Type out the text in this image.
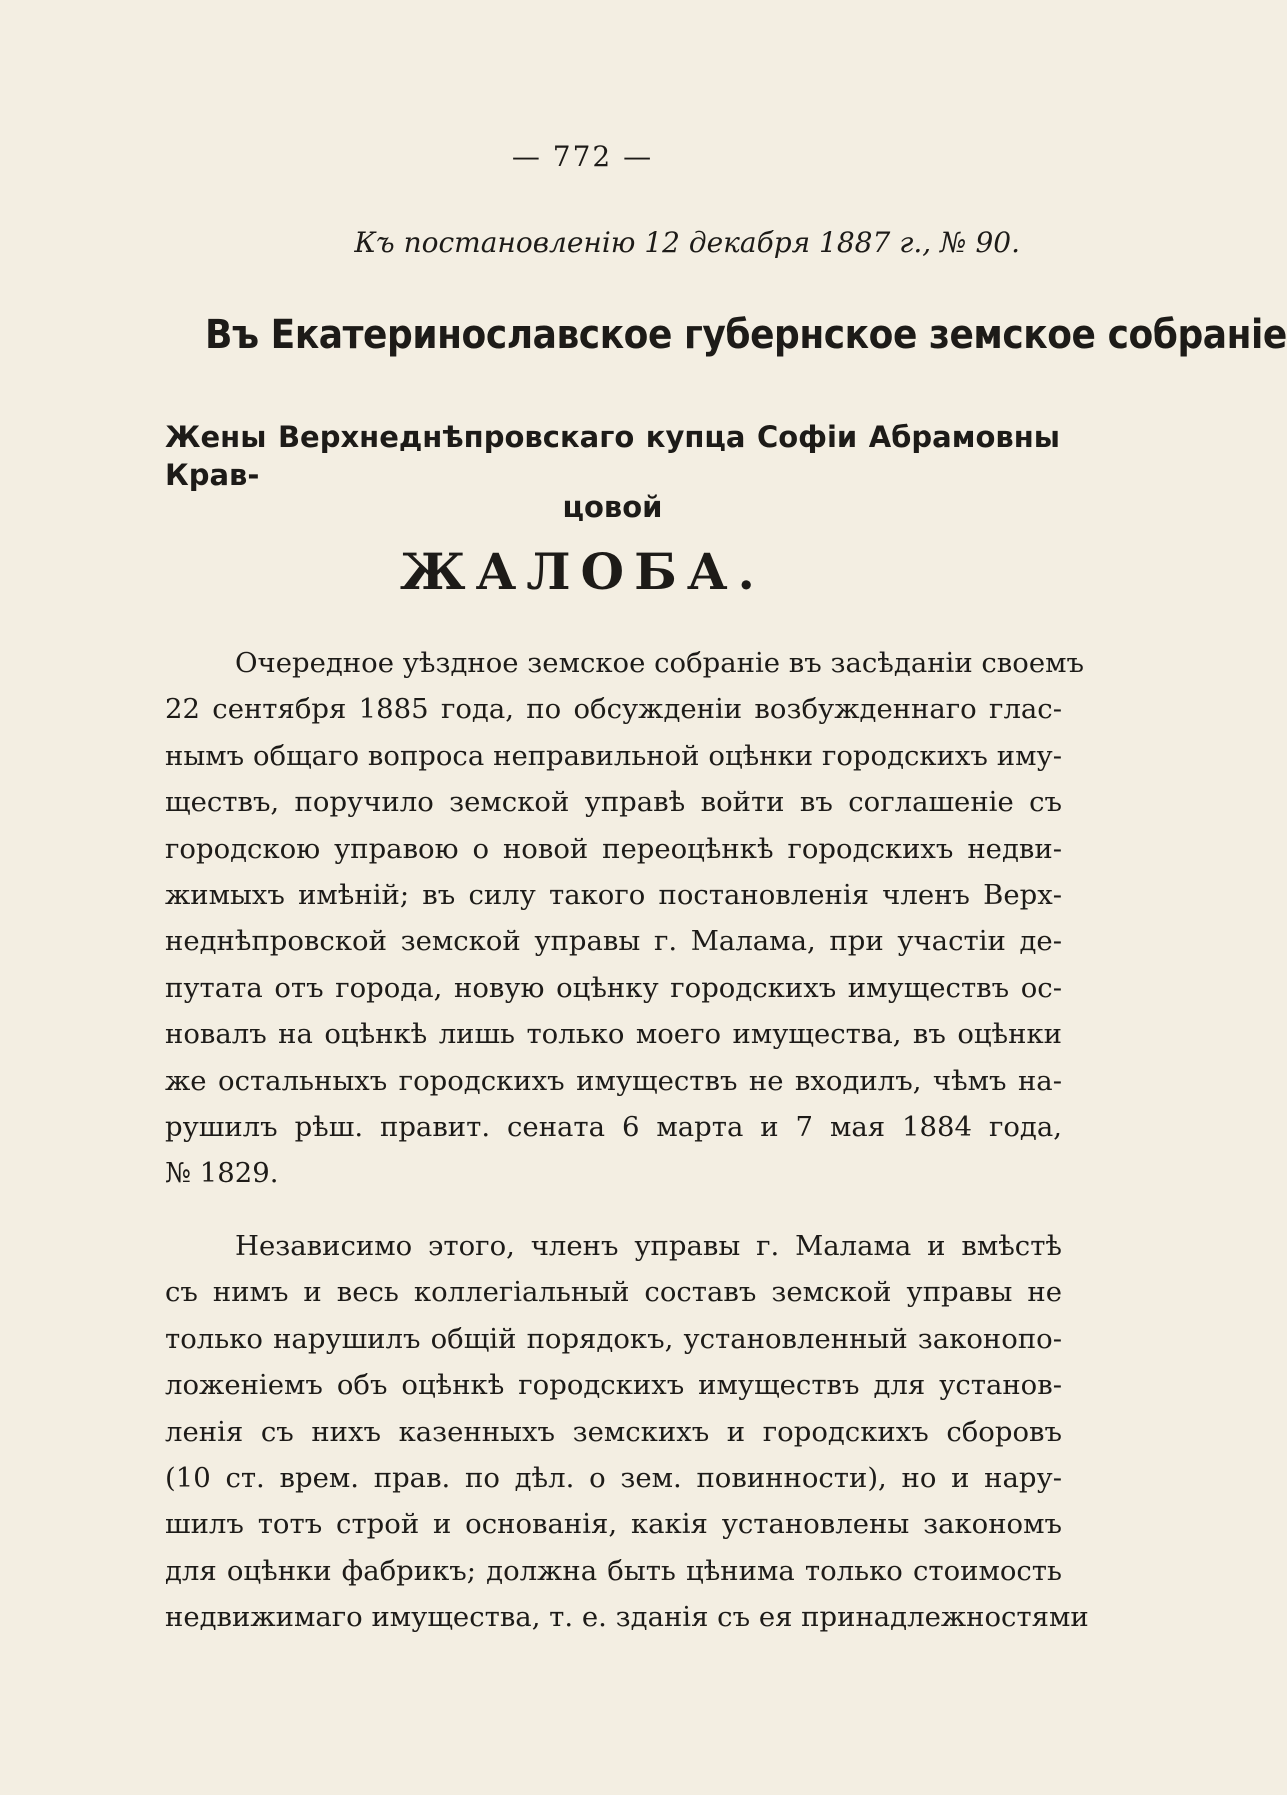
— 772 —
Къ постановленію 12 декабря 1887 г., № 90.
Въ Екатеринославское губернское земское собраніе
Жены Верхнеднѣпровскаго купца Софіи Абрамовны Крав-
цовой
ЖАЛОБА.
Очередное уѣздное земское собраніе въ засѣданіи своемъ
22 сентября 1885 года, по обсужденіи возбужденнаго глас-
нымъ общаго вопроса неправильной оцѣнки городскихъ иму-
ществъ, поручило земской управѣ войти въ соглашеніе съ
городскою управою о новой переоцѣнкѣ городскихъ недви-
жимыхъ имѣній; въ силу такого постановленія членъ Верх-
неднѣпровской земской управы г. Малама, при участіи де-
путата отъ города, новую оцѣнку городскихъ имуществъ ос-
новалъ на оцѣнкѣ лишь только моего имущества, въ оцѣнки
же остальныхъ городскихъ имуществъ не входилъ, чѣмъ на-
рушилъ рѣш. правит. сената 6 марта и 7 мая 1884 года,
№ 1829.
Независимо этого, членъ управы г. Малама и вмѣстѣ
съ нимъ и весь коллегіальный составъ земской управы не
только нарушилъ общій порядокъ, установленный законопо-
ложеніемъ объ оцѣнкѣ городскихъ имуществъ для установ-
ленія съ нихъ казенныхъ земскихъ и городскихъ сборовъ
(10 ст. врем. прав. по дѣл. о зем. повинности), но и нару-
шилъ тотъ строй и основанія, какія установлены закономъ
для оцѣнки фабрикъ; должна быть цѣнима только стоимость
недвижимаго имущества, т. е. зданія съ ея принадлежностями
